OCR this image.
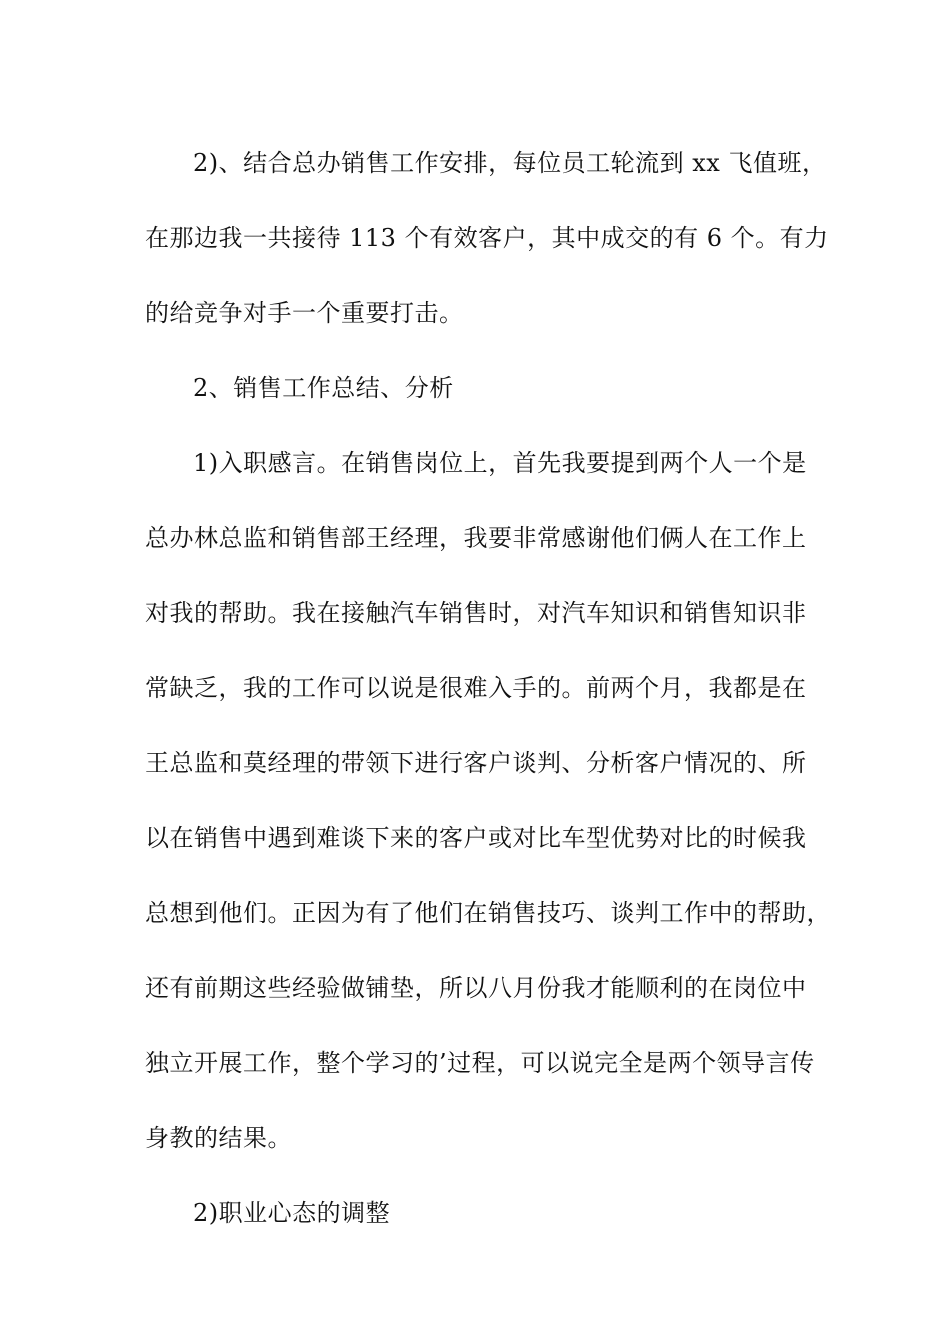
2)、结合总办销售工作安排，每位员工轮流到 xx 飞值班，
在那边我一共接待 113 个有效客户，其中成交的有 6 个。有力
的给竞争对手一个重要打击。
2、销售工作总结、分析
1)入职感言。在销售岗位上，首先我要提到两个人一个是
总办林总监和销售部王经理，我要非常感谢他们俩人在工作上
对我的帮助。我在接触汽车销售时，对汽车知识和销售知识非
常缺乏，我的工作可以说是很难入手的。前两个月，我都是在
王总监和莫经理的带领下进行客户谈判、分析客户情况的、所
以在销售中遇到难谈下来的客户或对比车型优势对比的时候我
总想到他们。正因为有了他们在销售技巧、谈判工作中的帮助，
还有前期这些经验做铺垫，所以八月份我才能顺利的在岗位中
独立开展工作，整个学习的’过程，可以说完全是两个领导言传
身教的结果。
2)职业心态的调整
